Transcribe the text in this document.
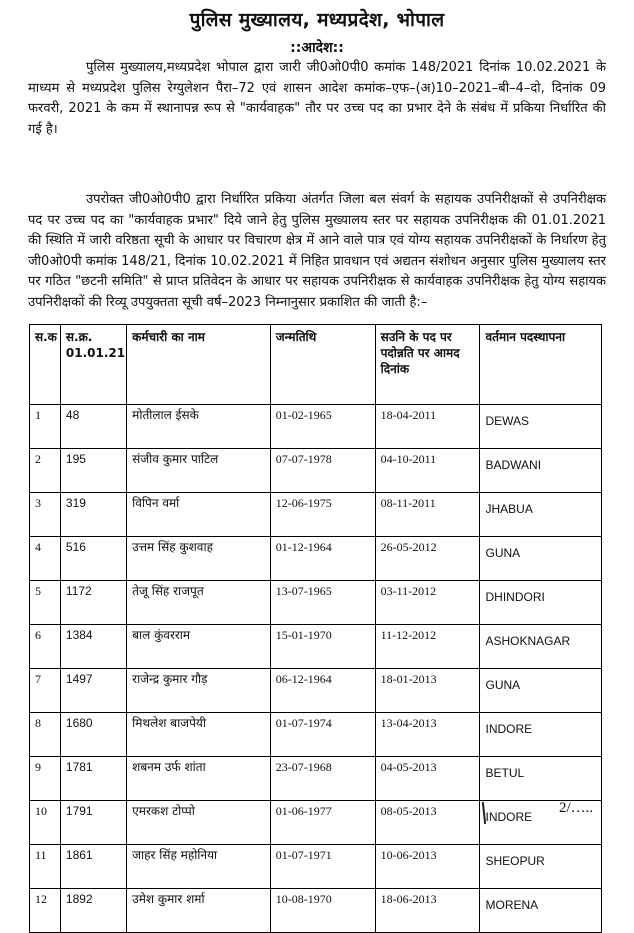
पुलिस मुख्यालय, मध्यप्रदेश, भोपाल
::आदेश::
पुलिस मुख्यालय,मध्यप्रदेश भोपाल द्वारा जारी जी0ओ0पी0 कमांक 148/2021 दिनांक 10.02.2021 के माध्यम से मध्यप्रदेश पुलिस रेग्युलेशन पैरा–72 एवं शासन आदेश कमांक–एफ–(अ)10–2021–बी–4–दो, दिनांक 09 फरवरी, 2021 के कम में स्थानापन्न रूप से "कार्यवाहक" तौर पर उच्च पद का प्रभार देने के संबंध में प्रकिया निर्धारित की गई है।
उपरोक्त जी0ओ0पी0 द्वारा निर्धारित प्रकिया अंतर्गत जिला बल संवर्ग के सहायक उपनिरीक्षकों से उपनिरीक्षक पद पर उच्च पद का "कार्यवाहक प्रभार" दिये जाने हेतु पुलिस मुख्यालय स्तर पर सहायक उपनिरीक्षक की 01.01.2021 की स्थिति में जारी वरिष्ठता सूची के आधार पर विचारण क्षेत्र में आने वाले पात्र एवं योग्य सहायक उपनिरीक्षकों के निर्धारण हेतु जी0ओ0पी कमांक 148/21, दिनांक 10.02.2021 में निहित प्रावधान एवं अद्यतन संशोधन अनुसार पुलिस मुख्यालय स्तर पर गठित "छटनी समिति" से प्राप्त प्रतिवेदन के आधार पर सहायक उपनिरीक्षक से कार्यवाहक उपनिरीक्षक हेतु योग्य सहायक उपनिरीक्षकों की रिव्यू उपयुक्तता सूची वर्ष–2023 निम्नानुसार प्रकाशित की जाती है:–
स.क	स.क्र. 01.01.21	कर्मचारी का नाम	जन्मतिथि	सउनि के पद पर पदोन्नति पर आमद दिनांक	वर्तमान पदस्थापना
1	48	मोतीलाल ईसके	01-02-1965	18-04-2011	DEWAS
2	195	संजीव कुमार पाटिल	07-07-1978	04-10-2011	BADWANI
3	319	विपिन वर्मा	12-06-1975	08-11-2011	JHABUA
4	516	उत्तम सिंह कुशवाह	01-12-1964	26-05-2012	GUNA
5	1172	तेजू सिंह राजपूत	13-07-1965	03-11-2012	DHINDORI
6	1384	बाल कुंवरराम	15-01-1970	11-12-2012	ASHOKNAGAR
7	1497	राजेन्द्र कुमार गौड़	06-12-1964	18-01-2013	GUNA
8	1680	मिथलेश बाजपेयी	01-07-1974	13-04-2013	INDORE
9	1781	शबनम उर्फ शांता	23-07-1968	04-05-2013	BETUL
10	1791	एमरकश टोप्पो	01-06-1977	08-05-2013	INDORE
11	1861	जाहर सिंह महोनिया	01-07-1971	10-06-2013	SHEOPUR
12	1892	उमेश कुमार शर्मा	10-08-1970	18-06-2013	MORENA
2/…..
